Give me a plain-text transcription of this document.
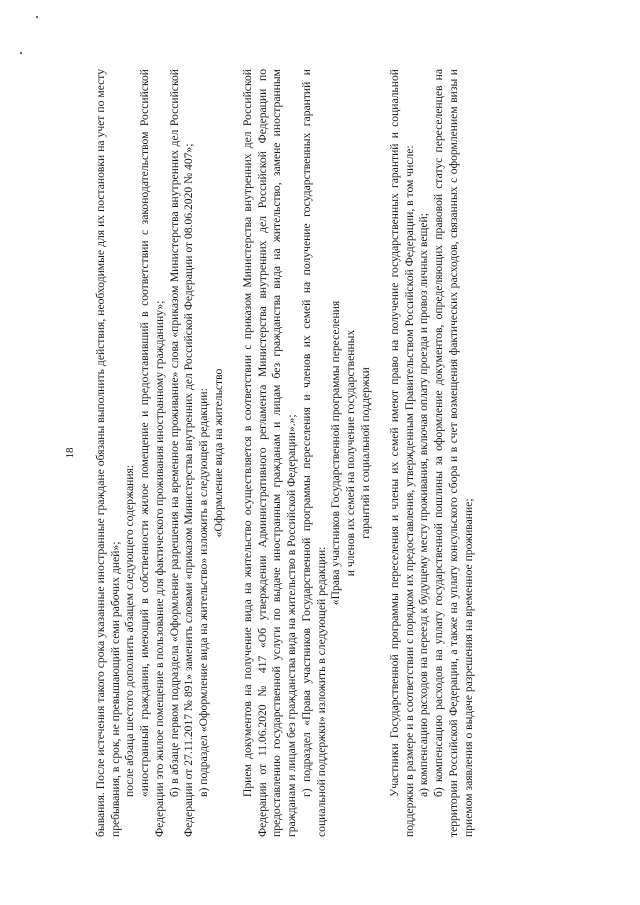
18 бывания. После истечения такого срока указанные иностранные граждане обязаны выполнить действия, необходимые для их постановки на учет по месту пребывания, в срок, не превышающий семи рабочих дней»; после абзаца шестого дополнить абзацем следующего содержания: «иностранный гражданин, имеющий в собственности жилое помещение и предоставивший в соответствии с законодательством Российской Федерации это жилое помещение в пользование для фактического проживания иностранному гражданину»; б) в абзаце первом подраздела «Оформление разрешения на временное проживание» слова «приказом Министерства внутренних дел Российской Федерации от 27.11.2017 № 891» заменить словами «приказом Министерства внутренних дел Российской Федерации от 08.06.2020 № 407»; в) подраздел «Оформление вида на жительство» изложить в следующей редакции: «Оформление вида на жительство Прием документов на получение вида на жительство осуществляется в соответствии с приказом Министерства внутренних дел Российской Федерации от 11.06.2020 № 417 «Об утверждении Административного регламента Министерства внутренних дел Российской Федерации по предоставлению государственной услуги по выдаче иностранным гражданам и лицам без гражданства вида на жительство, замене иностранным гражданам и лицам без гражданства вида на жительство в Российской Федерации».»; г) подраздел «Права участников Государственной программы переселения и членов их семей на получение государственных гарантий и социальной поддержки» изложить в следующей редакции:

«Права участников Государственной программы переселения и членов их семей на получение государственных гарантий и социальной поддержки Участники Государственной программы переселения и члены их семей имеют право на получение государственных гарантий и социальной поддержки в размере и в соответствии с порядком их предоставления, утвержденным Правительством Российской Федерации, в том числе: а) компенсацию расходов на переезд к будущему месту проживания, включая оплату проезда и провоз личных вещей; б) компенсацию расходов на уплату государственной пошлины за оформление документов, определяющих правовой статус переселенцев на территории Российской Федерации, а также на уплату консульского сбора и в счет возмещения фактических расходов, связанных с оформлением визы и приемом заявления о выдаче разрешения на временное проживание;
